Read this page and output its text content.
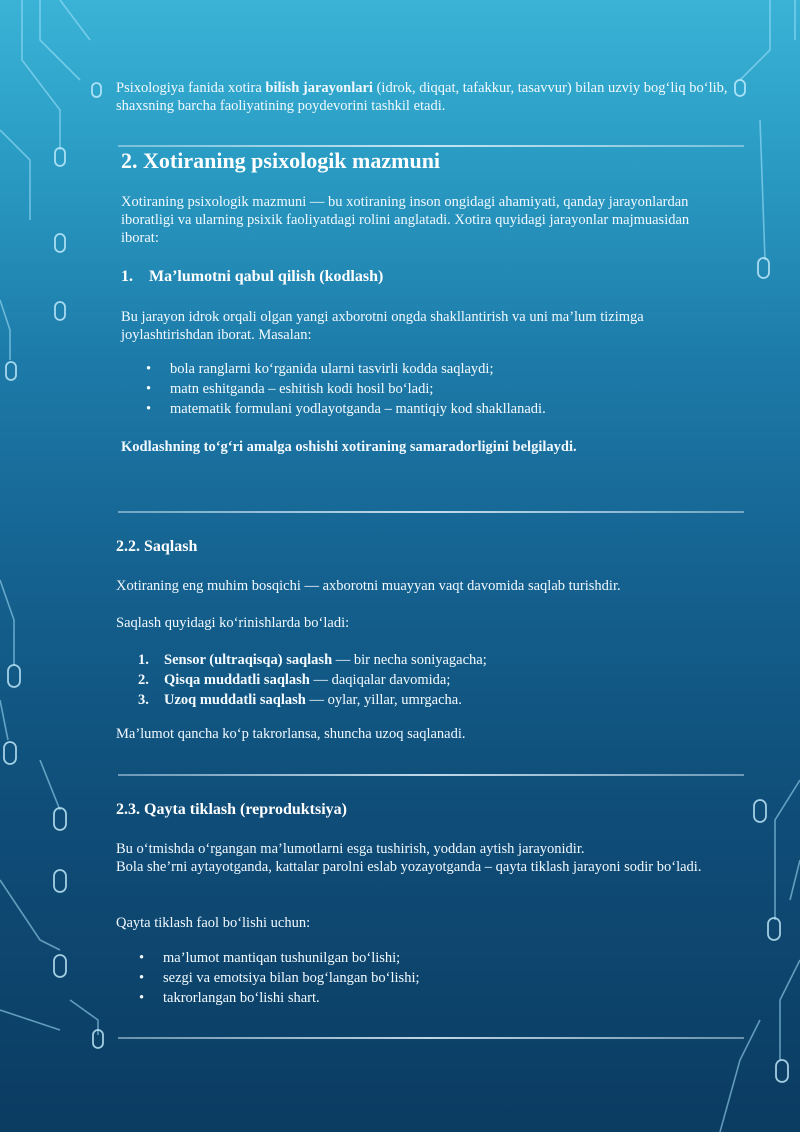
Psixologiya fanida xotira bilish jarayonlari (idrok, diqqat, tafakkur, tasavvur) bilan uzviy bog‘liq bo‘lib, shaxsning barcha faoliyatining poydevorini tashkil etadi.

2. Xotiraning psixologik mazmuni

Xotiraning psixologik mazmuni — bu xotiraning inson ongidagi ahamiyati, qanday jarayonlardan iboratligi va ularning psixik faoliyatdagi rolini anglatadi. Xotira quyidagi jarayonlar majmuasidan iborat:

1. Ma’lumotni qabul qilish (kodlash)

Bu jarayon idrok orqali olgan yangi axborotni ongda shakllantirish va uni ma’lum tizimga joylashtirishdan iborat. Masalan:

• bola ranglarni ko‘rganida ularni tasvirli kodda saqlaydi;
• matn eshitganda – eshitish kodi hosil bo‘ladi;
• matematik formulani yodlayotganda – mantiqiy kod shakllanadi.

Kodlashning to‘g‘ri amalga oshishi xotiraning samaradorligini belgilaydi.

2.2. Saqlash

Xotiraning eng muhim bosqichi — axborotni muayyan vaqt davomida saqlab turishdir.

Saqlash quyidagi ko‘rinishlarda bo‘ladi:

1. Sensor (ultraqisqa) saqlash — bir necha soniyagacha;
2. Qisqa muddatli saqlash — daqiqalar davomida;
3. Uzoq muddatli saqlash — oylar, yillar, umrgacha.

Ma’lumot qancha ko‘p takrorlansa, shuncha uzoq saqlanadi.

2.3. Qayta tiklash (reproduktsiya)

Bu o‘tmishda o‘rgangan ma’lumotlarni esga tushirish, yoddan aytish jarayonidir.
Bola she’rni aytayotganda, kattalar parolni eslab yozayotganda – qayta tiklash jarayoni sodir bo‘ladi.

Qayta tiklash faol bo‘lishi uchun:

• ma’lumot mantiqan tushunilgan bo‘lishi;
• sezgi va emotsiya bilan bog‘langan bo‘lishi;
• takrorlangan bo‘lishi shart.
